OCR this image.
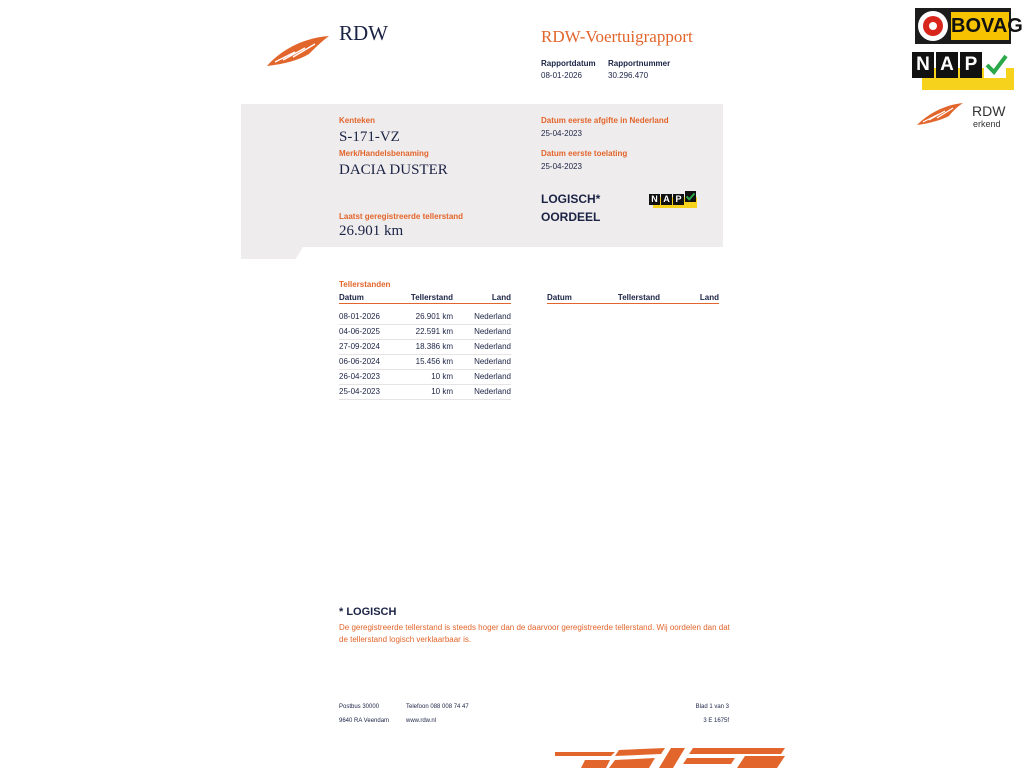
RDW	RDW-Voertuigrapport
Rapportdatum
08-01-2026
Rapportnummer
30.296.470
Kenteken
S-171-VZ
Merk/Handelsbenaming
DACIA DUSTER
Laatst geregistreerde tellerstand
26.901 km
Datum eerste afgifte in Nederland
25-04-2023
Datum eerste toelating
25-04-2023
LOGISCH*
OORDEEL
N A P
Tellerstanden
Datum	Tellerstand	Land
08-01-2026	26.901 km	Nederland
04-06-2025	22.591 km	Nederland
27-09-2024	18.386 km	Nederland
06-06-2024	15.456 km	Nederland
26-04-2023	10 km	Nederland
25-04-2023	10 km	Nederland
Datum	Tellerstand	Land
* LOGISCH
De geregistreerde tellerstand is steeds hoger dan de daarvoor geregistreerde tellerstand. Wij oordelen dan dat de tellerstand logisch verklaarbaar is.
Postbus 30000
9640 RA Veendam
Telefoon 088 008 74 47
www.rdw.nl
Blad 1 van 3
3 E 1675f
BOVAG
N A P
RDW
erkend
